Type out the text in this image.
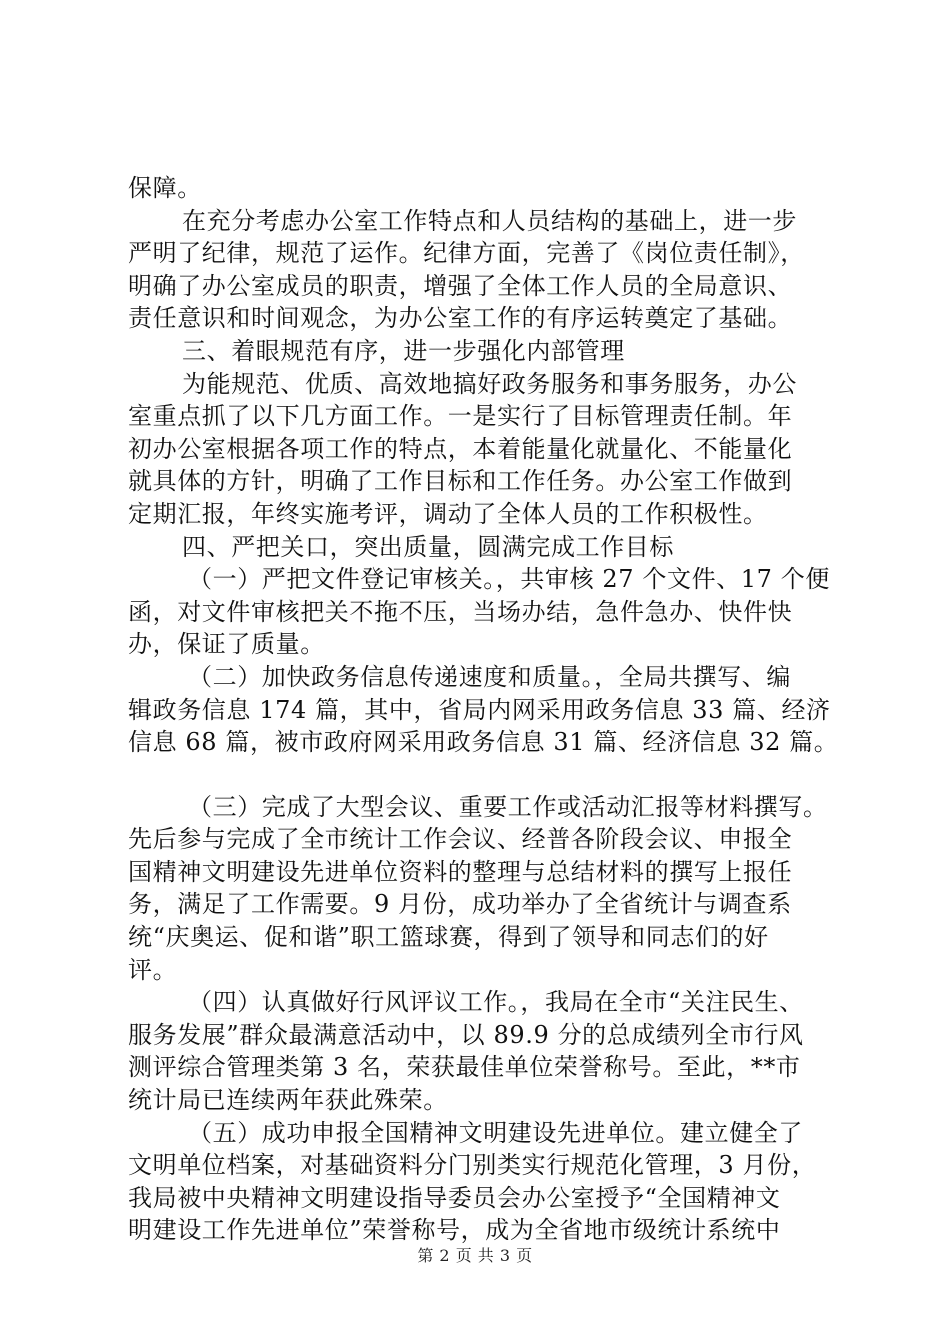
保障。
在充分考虑办公室工作特点和人员结构的基础上，进一步
严明了纪律，规范了运作。纪律方面，完善了《岗位责任制》，
明确了办公室成员的职责，增强了全体工作人员的全局意识、
责任意识和时间观念，为办公室工作的有序运转奠定了基础。
三、着眼规范有序，进一步强化内部管理
为能规范、优质、高效地搞好政务服务和事务服务，办公
室重点抓了以下几方面工作。一是实行了目标管理责任制。年
初办公室根据各项工作的特点，本着能量化就量化、不能量化
就具体的方针，明确了工作目标和工作任务。办公室工作做到
定期汇报，年终实施考评，调动了全体人员的工作积极性。
四、严把关口，突出质量，圆满完成工作目标
（一）严把文件登记审核关。，共审核 27 个文件、17 个便
函，对文件审核把关不拖不压，当场办结，急件急办、快件快
办，保证了质量。
（二）加快政务信息传递速度和质量。，全局共撰写、编
辑政务信息 174 篇，其中，省局内网采用政务信息 33 篇、经济
信息 68 篇，被市政府网采用政务信息 31 篇、经济信息 32 篇。
（三）完成了大型会议、重要工作或活动汇报等材料撰写。
先后参与完成了全市统计工作会议、经普各阶段会议、申报全
国精神文明建设先进单位资料的整理与总结材料的撰写上报任
务，满足了工作需要。9 月份，成功举办了全省统计与调查系
统“庆奥运、促和谐”职工篮球赛，得到了领导和同志们的好
评。
（四）认真做好行风评议工作。，我局在全市“关注民生、
服务发展”群众最满意活动中，以 89.9 分的总成绩列全市行风
测评综合管理类第 3 名，荣获最佳单位荣誉称号。至此，**市
统计局已连续两年获此殊荣。
（五）成功申报全国精神文明建设先进单位。建立健全了
文明单位档案，对基础资料分门别类实行规范化管理，3 月份，
我局被中央精神文明建设指导委员会办公室授予“全国精神文
明建设工作先进单位”荣誉称号，成为全省地市级统计系统中
第 2 页 共 3 页
